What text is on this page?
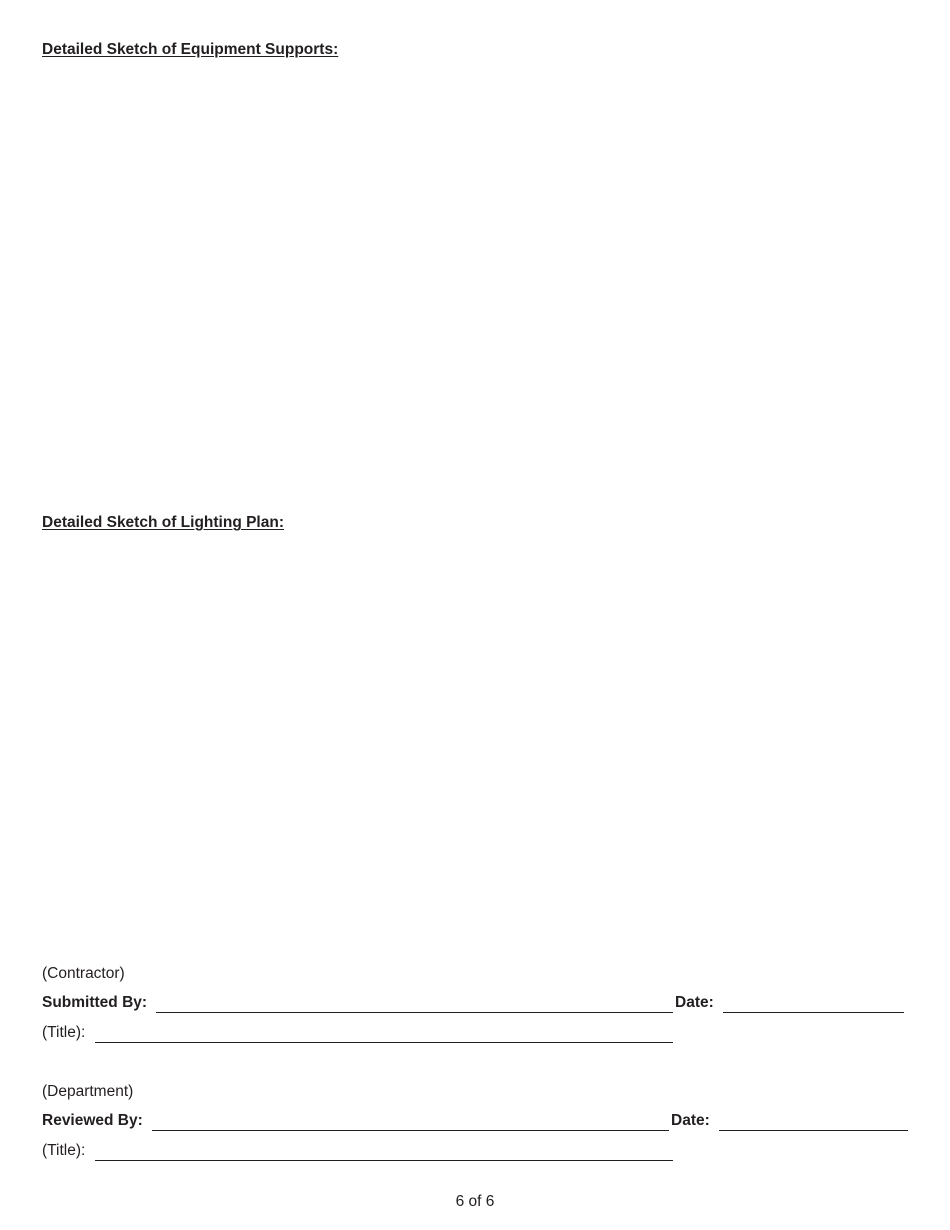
Detailed Sketch of Equipment Supports:
Detailed Sketch of Lighting Plan:
(Contractor)
Submitted By:	Date:
(Title):
(Department)
Reviewed By:	Date:
(Title):
6 of 6
